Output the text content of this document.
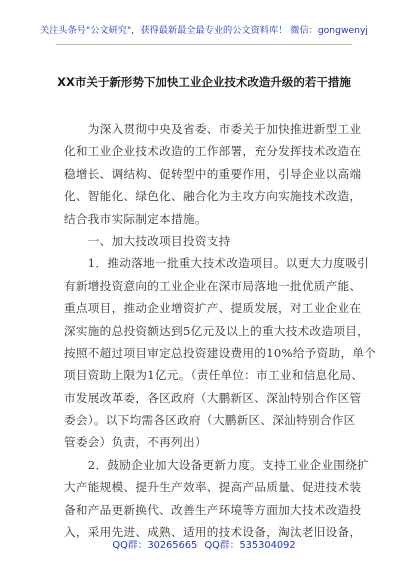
关注头条号"公文研究"，获得最新最全最专业的公文资料库！ 微信：gongwenyj
XX市关于新形势下加快工业企业技术改造升级的若干措施
　　为深入贯彻中央及省委、市委关于加快推进新型工业
化和工业企业技术改造的工作部署，充分发挥技术改造在
稳增长、调结构、促转型中的重要作用，引导企业以高端
化、智能化、绿色化、融合化为主攻方向实施技术改造，
结合我市实际制定本措施。
　　一、加大技改项目投资支持
　　1．推动落地一批重大技术改造项目。以更大力度吸引
有新增投资意向的工业企业在深市局落地一批优质产能、
重点项目，推动企业增资扩产、提质发展，对工业企业在
深实施的总投资额达到5亿元及以上的重大技术改造项目，
按照不超过项目审定总投资建设费用的10%给予资助，单个
项目资助上限为1亿元。（责任单位：市工业和信息化局、
市发展改革委，各区政府（大鹏新区、深汕特别合作区管
委会）。以下均需各区政府（大鹏新区、深汕特别合作区
管委会）负责，不再列出）
　　2．鼓励企业加大设备更新力度。支持工业企业围绕扩
大产能规模、提升生产效率、提高产品质量、促进技术装
备和产品更新换代、改善生产环境等方面加大技术改造投
入，采用先进、成熟、适用的技术设备，淘汰老旧设备，
QQ群：30265665 QQ群：535304092
